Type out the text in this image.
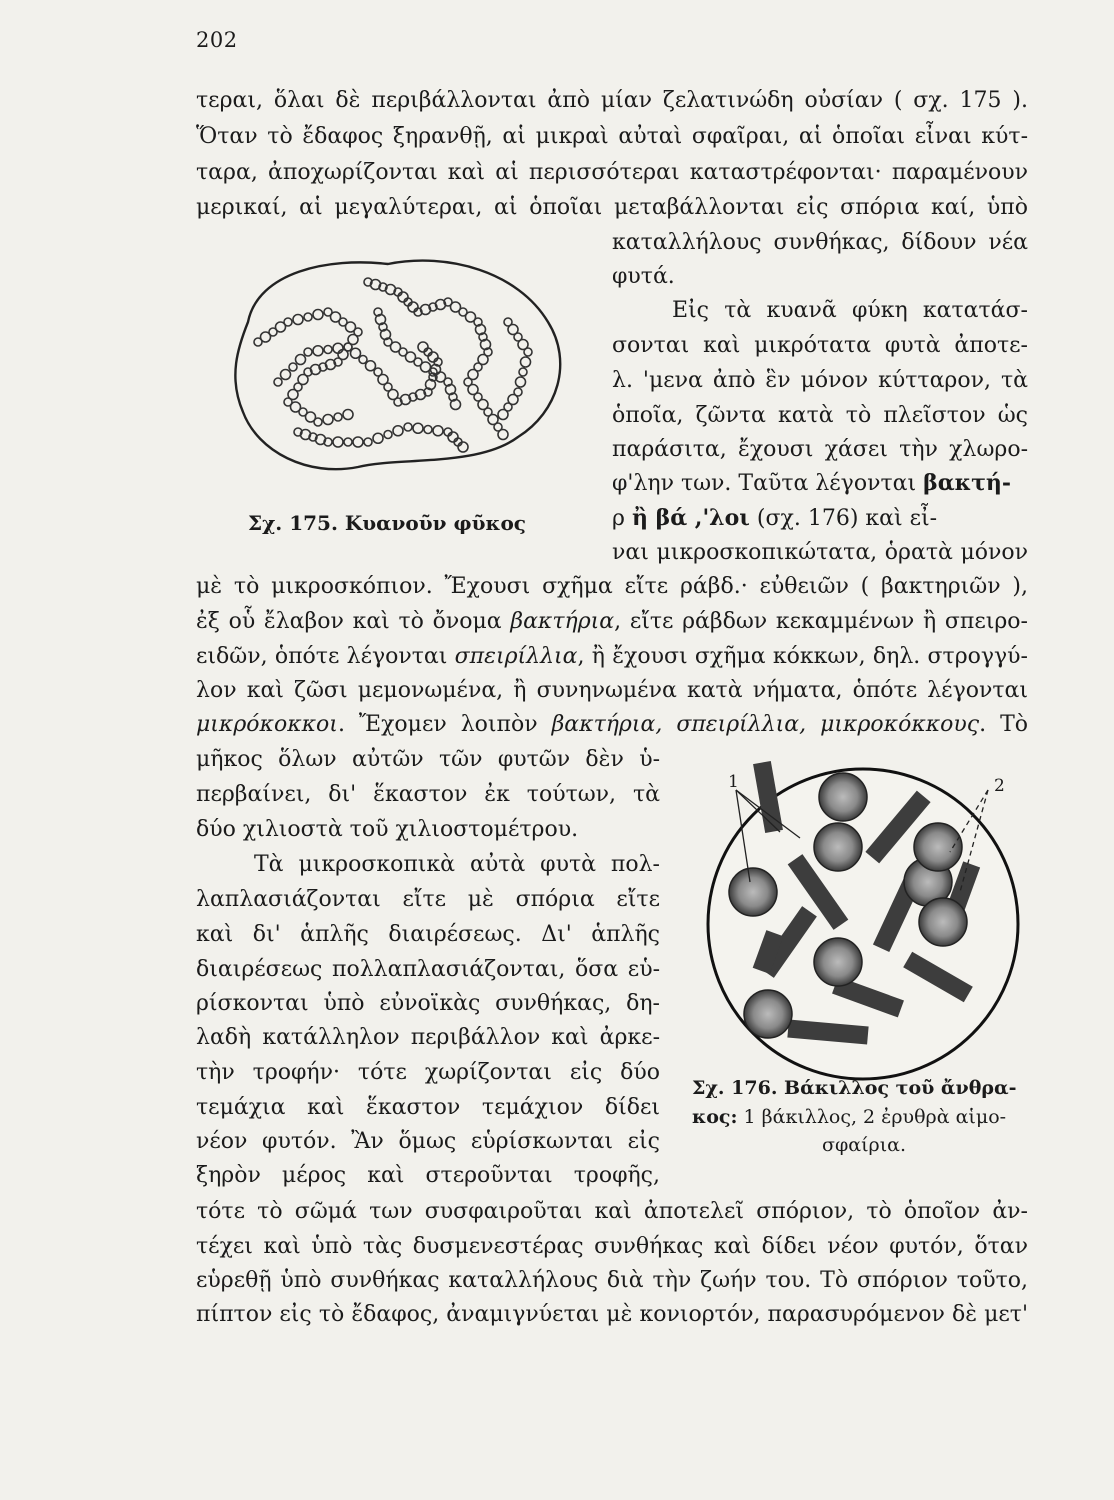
202
τεραι, ὅλαι δὲ περιβάλλονται ἀπὸ μίαν ζελατινώδη οὐσίαν ( σχ. 175 ).
Ὅταν τὸ ἔδαφος ξηρανθῇ, αἱ μικραὶ αὐταὶ σφαῖραι, αἱ ὁποῖαι εἶναι κύτ-
ταρα, ἀποχωρίζονται καὶ αἱ περισσότεραι καταστρέφονται· παραμένουν
μερικαί, αἱ μεγαλύτεραι, αἱ ὁποῖαι μεταβάλλονται εἰς σπόρια καί, ὑπὸ
καταλλήλους συνθήκας, δίδουν νέα
φυτά.
Εἰς τὰ κυανᾶ φύκη κατατάσ-
σονται καὶ μικρότατα φυτὰ ἀποτε-
λ. 'μενα ἀπὸ ἓν μόνον κύτταρον, τὰ
ὁποῖα, ζῶντα κατὰ τὸ πλεῖστον ὡς
παράσιτα, ἔχουσι χάσει τὴν χλωρο-
φ'λην των. Ταῦτα λέγονται βακτή-
ρ ἢ βά ,'λοι (σχ. 176) καὶ εἶ-
ναι μικροσκοπικώτατα, ὁρατὰ μόνον
Σχ. 175. Κυανοῦν φῦκος
μὲ τὸ μικροσκόπιον. Ἔχουσι σχῆμα εἴτε ράβδ.· εὐθειῶν ( βακτηριῶν ),
ἐξ οὗ ἔλαβον καὶ τὸ ὄνομα βακτήρια, εἴτε ράβδων κεκαμμένων ἢ σπειρο-
ειδῶν, ὁπότε λέγονται σπειρίλλια, ἢ ἔχουσι σχῆμα κόκκων, δηλ. στρογγύ-
λον καὶ ζῶσι μεμονωμένα, ἢ συνηνωμένα κατὰ νήματα, ὁπότε λέγονται
μικρόκοκκοι. Ἔχομεν λοιπὸν βακτήρια, σπειρίλλια, μικροκόκκους. Τὸ
μῆκος ὅλων αὐτῶν τῶν φυτῶν δὲν ὑ-
περβαίνει, δι' ἕκαστον ἐκ τούτων, τὰ
δύο χιλιοστὰ τοῦ χιλιοστομέτρου.
Τὰ μικροσκοπικὰ αὐτὰ φυτὰ πολ-
λαπλασιάζονται εἴτε μὲ σπόρια εἴτε
καὶ δι' ἁπλῆς διαιρέσεως. Δι' ἁπλῆς
διαιρέσεως πολλαπλασιάζονται, ὅσα εὑ-
ρίσκονται ὑπὸ εὐνοϊκὰς συνθήκας, δη-
λαδὴ κατάλληλον περιβάλλον καὶ ἀρκε-
τὴν τροφήν· τότε χωρίζονται εἰς δύο
τεμάχια καὶ ἕκαστον τεμάχιον δίδει
νέον φυτόν. Ἂν ὅμως εὑρίσκωνται εἰς
ξηρὸν μέρος καὶ στεροῦνται τροφῆς,
1	2
Σχ. 176. Βάκιλλος τοῦ ἄνθρα-
κος: 1 βάκιλλος, 2 ἐρυθρὰ αἱμο-
σφαίρια.
τότε τὸ σῶμά των συσφαιροῦται καὶ ἀποτελεῖ σπόριον, τὸ ὁποῖον ἀν-
τέχει καὶ ὑπὸ τὰς δυσμενεστέρας συνθήκας καὶ δίδει νέον φυτόν, ὅταν
εὑρεθῇ ὑπὸ συνθήκας καταλλήλους διὰ τὴν ζωήν του. Τὸ σπόριον τοῦτο,
πίπτον εἰς τὸ ἔδαφος, ἀναμιγνύεται μὲ κονιορτόν, παρασυρόμενον δὲ μετ'
